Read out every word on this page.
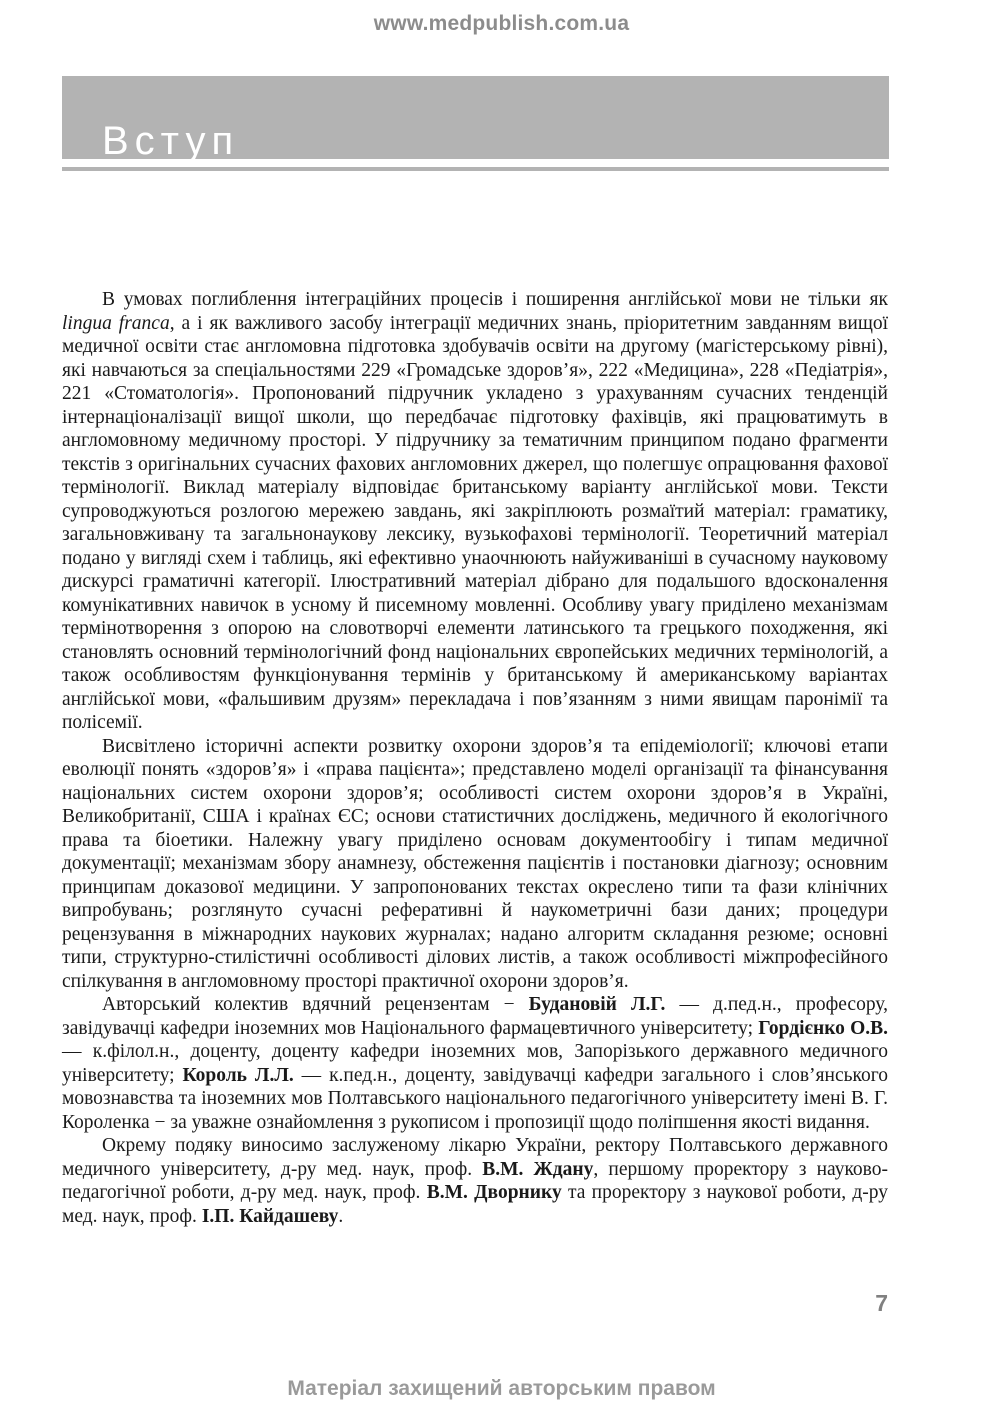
www.medpublish.com.ua
Вступ

В умовах поглиблення інтеграційних процесів і поширення англійської мови не тільки як lingua franca, а і як важливого засобу інтеграції медичних знань, пріоритетним завданням вищої медичної освіти стає англомовна підготовка здобувачів освіти на другому (магістерському рівні), які навчаються за спеціальностями 229 «Громадське здоров’я», 222 «Медицина», 228 «Педіатрія», 221 «Стоматологія». Пропонований підручник укладено з урахуванням сучасних тенденцій інтернаціоналізації вищої школи, що передбачає підготовку фахівців, які працюватимуть в англомовному медичному просторі. У підручнику за тематичним принципом подано фрагменти текстів з оригінальних сучасних фахових англомовних джерел, що полегшує опрацювання фахової термінології. Виклад матеріалу відповідає британському варіанту англійської мови. Тексти супроводжуються розлогою мережею завдань, які закріплюють розмаїтий матеріал: граматику, загальновживану та загальнонаукову лексику, вузькофахові термінології. Теоретичний матеріал подано у вигляді схем і таблиць, які ефективно унаочнюють найуживаніші в сучасному науковому дискурсі граматичні категорії. Ілюстративний матеріал дібрано для подальшого вдосконалення комунікативних навичок в усному й писемному мовленні. Особливу увагу приділено механізмам термінотворення з опорою на словотворчі елементи латинського та грецького походження, які становлять основний термінологічний фонд національних європейських медичних термінологій, а також особливостям функціонування термінів у британському й американському варіантах англійської мови, «фальшивим друзям» перекладача і пов’язанням з ними явищам паронімії та полісемії.

Висвітлено історичні аспекти розвитку охорони здоров’я та епідеміології; ключові етапи еволюції понять «здоров’я» і «права пацієнта»; представлено моделі організації та фінансування національних систем охорони здоров’я; особливості систем охорони здоров’я в Україні, Великобританії, США і країнах ЄС; основи статистичних досліджень, медичного й екологічного права та біоетики. Належну увагу приділено основам документообігу і типам медичної документації; механізмам збору анамнезу, обстеження пацієнтів і постановки діагнозу; основним принципам доказової медицини. У запропонованих текстах окреслено типи та фази клінічних випробувань; розглянуто сучасні реферативні й наукометричні бази даних; процедури рецензування в міжнародних наукових журналах; надано алгоритм складання резюме; основні типи, структурно-стилістичні особливості ділових листів, а також особливості міжпрофесійного спілкування в англомовному просторі практичної охорони здоров’я.

Авторський колектив вдячний рецензентам − Будановій Л.Г. — д.пед.н., професору, завідувачці кафедри іноземних мов Національного фармацевтичного університету; Гордієнко О.В. — к.філол.н., доценту, доценту кафедри іноземних мов, Запорізького державного медичного університету; Король Л.Л. — к.пед.н., доценту, завідувачці кафедри загального і слов’янського мовознавства та іноземних мов Полтавського національного педагогічного університету імені В. Г. Короленка − за уважне ознайомлення з рукописом і пропозиції щодо поліпшення якості видання.

Окрему подяку виносимо заслуженому лікарю України, ректору Полтавського державного медичного університету, д-ру мед. наук, проф. В.М. Ждану, першому проректору з науково-педагогічної роботи, д-ру мед. наук, проф. В.М. Дворнику та проректору з наукової роботи, д-ру мед. наук, проф. І.П. Кайдашеву.

7
Матеріал захищений авторським правом
